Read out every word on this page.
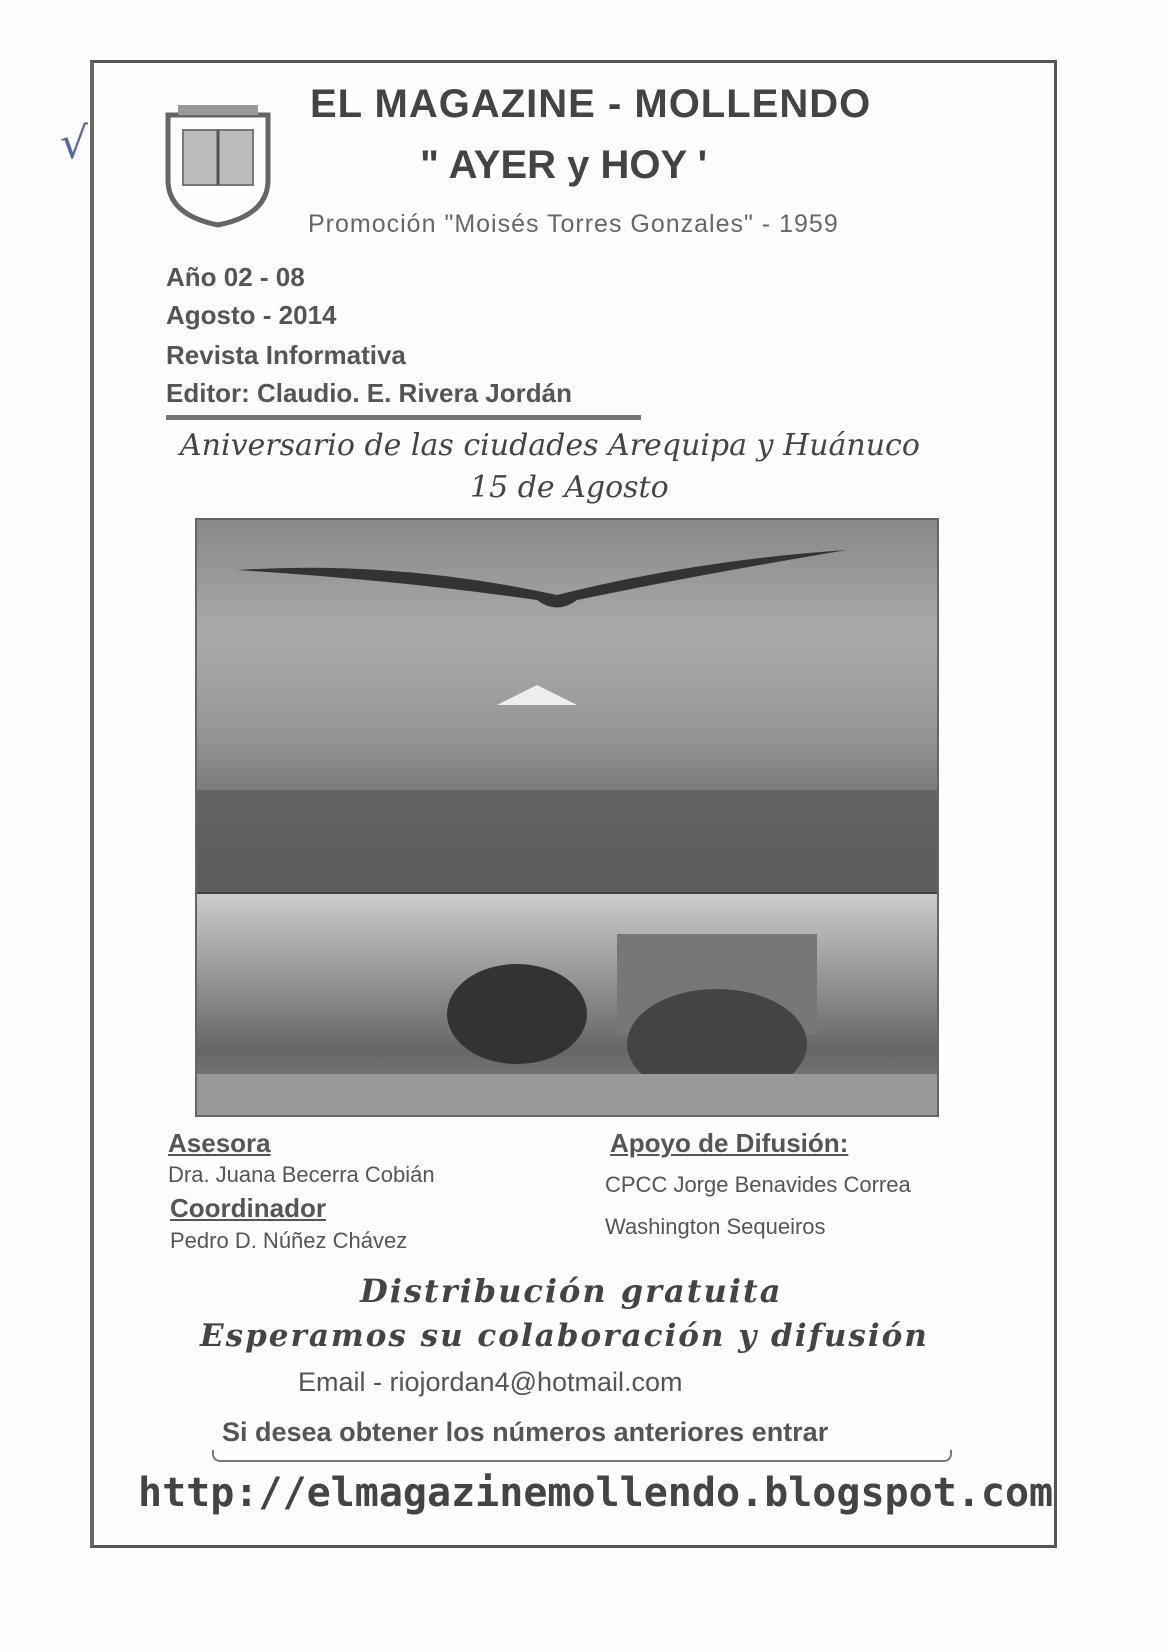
√
EL MAGAZINE - MOLLENDO
" AYER y HOY '
Promoción "Moisés Torres Gonzales" - 1959
Año 02 - 08
Agosto - 2014
Revista Informativa
Editor: Claudio. E. Rivera Jordán
Aniversario de las ciudades Arequipa y Huánuco
15 de Agosto
Asesora
Dra. Juana Becerra Cobián
Coordinador
Pedro D. Núñez Chávez
Apoyo de Difusión:
CPCC Jorge Benavides Correa
Washington Sequeiros
Distribución gratuita
Esperamos su colaboración y difusión
Email - riojordan4@hotmail.com
Si desea obtener los números anteriores entrar
http://elmagazinemollendo.blogspot.com
